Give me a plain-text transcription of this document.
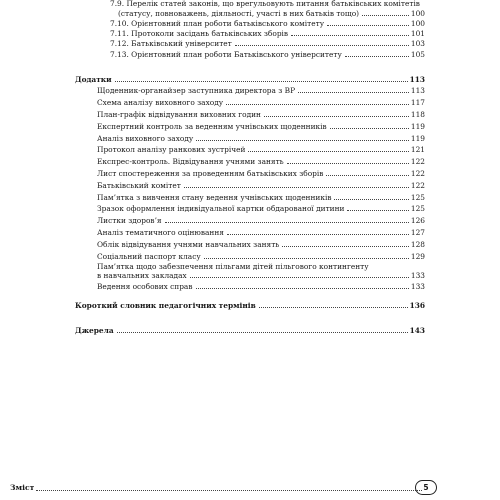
7.9. Перелік статей законів, що врегульовують питання батьківських комітетів
(статусу, повноважень, діяльності, участі в них батьків тощо)	100
7.10. Орієнтовний план роботи батьківського комітету	100
7.11. Протоколи засідань батьківських зборів	101
7.12. Батьківський університет	103
7.13. Орієнтовний план роботи Батьківського університету	105
Додатки	113
Щоденник-органайзер заступника директора з ВР	113
Схема аналізу виховного заходу	117
План-графік відвідування виховних годин	118
Експертний контроль за веденням учнівських щоденників	119
Аналіз виховного заходу	119
Протокол аналізу ранкових зустрічей	121
Експрес-контроль. Відвідування учнями занять	122
Лист спостереження за проведенням батьківських зборів	122
Батьківський комітет	122
Пам’ятка з вивчення стану ведення учнівських щоденників	125
Зразок оформлення індивідуальної картки обдарованої дитини	125
Листки здоров’я	126
Аналіз тематичного оцінювання	127
Облік відвідування учнями навчальних занять	128
Соціальний паспорт класу	129
Пам’ятка щодо забезпечення пільгами дітей пільгового контингенту
в навчальних закладах	133
Ведення особових справ	133
Короткий словник педагогічних термінів	136
Джерела	143
Зміст	5
